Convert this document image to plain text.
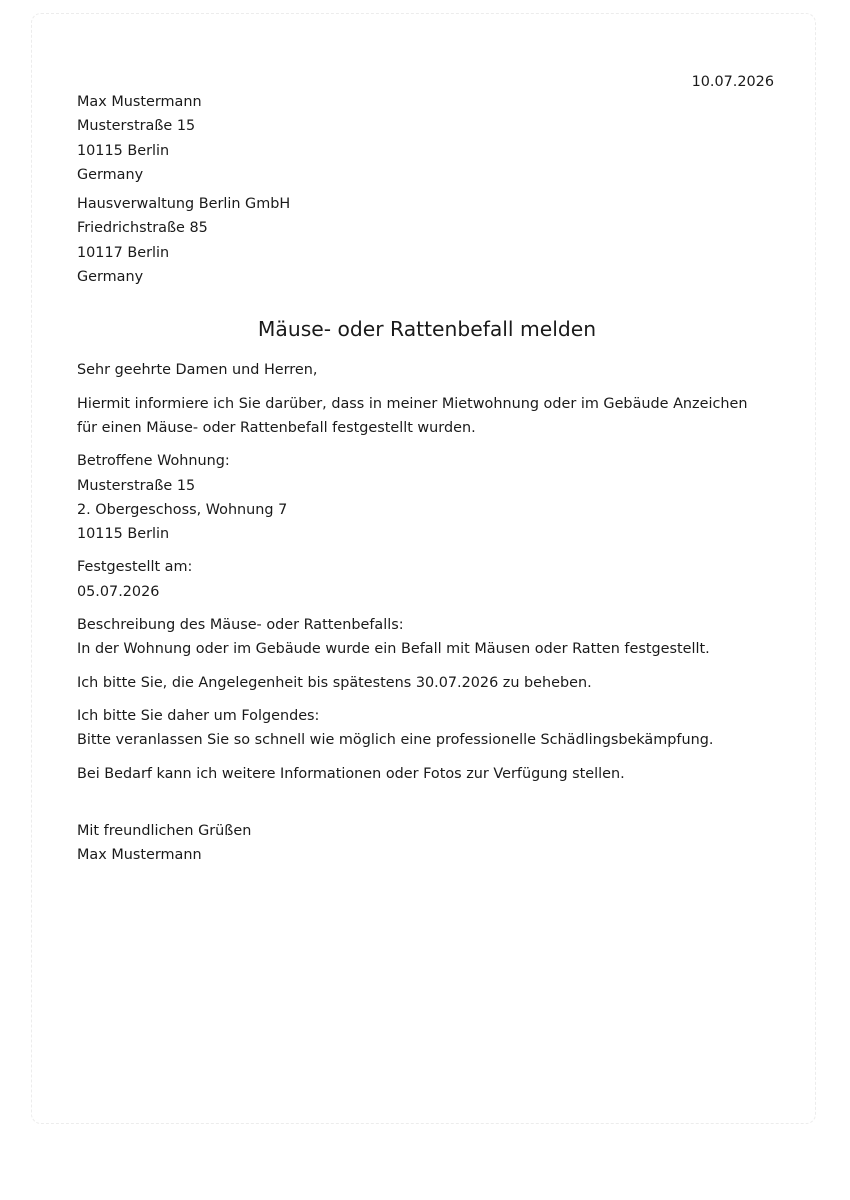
10.07.2026
Max Mustermann
Musterstraße 15
10115 Berlin
Germany
Hausverwaltung Berlin GmbH
Friedrichstraße 85
10117 Berlin
Germany
Mäuse- oder Rattenbefall melden
Sehr geehrte Damen und Herren,
Hiermit informiere ich Sie darüber, dass in meiner Mietwohnung oder im Gebäude Anzeichen
für einen Mäuse- oder Rattenbefall festgestellt wurden.
Betroffene Wohnung:
Musterstraße 15
2. Obergeschoss, Wohnung 7
10115 Berlin
Festgestellt am:
05.07.2026
Beschreibung des Mäuse- oder Rattenbefalls:
In der Wohnung oder im Gebäude wurde ein Befall mit Mäusen oder Ratten festgestellt.
Ich bitte Sie, die Angelegenheit bis spätestens 30.07.2026 zu beheben.
Ich bitte Sie daher um Folgendes:
Bitte veranlassen Sie so schnell wie möglich eine professionelle Schädlingsbekämpfung.
Bei Bedarf kann ich weitere Informationen oder Fotos zur Verfügung stellen.
Mit freundlichen Grüßen
Max Mustermann
